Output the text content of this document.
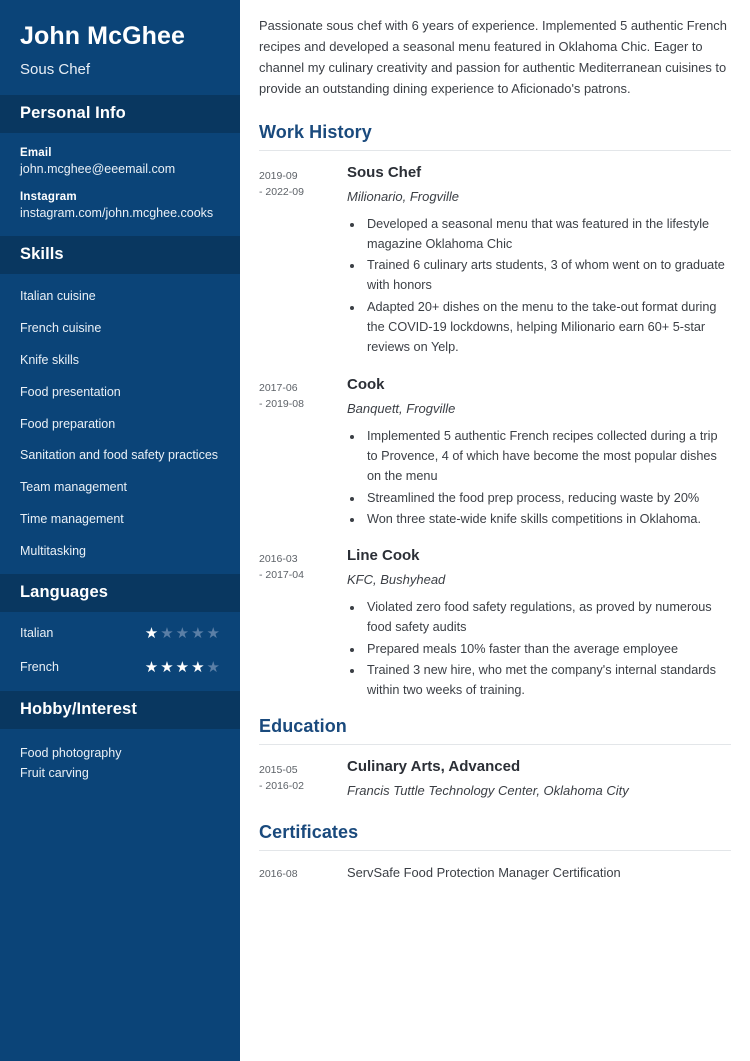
John McGhee
Sous Chef
Personal Info
Email
john.mcghee@eeemail.com
Instagram
instagram.com/john.mcghee.cooks
Skills
Italian cuisine
French cuisine
Knife skills
Food presentation
Food preparation
Sanitation and food safety practices
Team management
Time management
Multitasking
Languages
Italian	★ ★ ★ ★ ★
French	★ ★ ★ ★ ★
Hobby/Interest
Food photography
Fruit carving

Passionate sous chef with 6 years of experience. Implemented 5 authentic French recipes and developed a seasonal menu featured in Oklahoma Chic. Eager to channel my culinary creativity and passion for authentic Mediterranean cuisines to provide an outstanding dining experience to Aficionado's patrons.

Work History
2019-09
- 2022-09
Sous Chef
Milionario, Frogville
• Developed a seasonal menu that was featured in the lifestyle magazine Oklahoma Chic
• Trained 6 culinary arts students, 3 of whom went on to graduate with honors
• Adapted 20+ dishes on the menu to the take-out format during the COVID-19 lockdowns, helping Milionario earn 60+ 5-star reviews on Yelp.
2017-06
- 2019-08
Cook
Banquett, Frogville
• Implemented 5 authentic French recipes collected during a trip to Provence, 4 of which have become the most popular dishes on the menu
• Streamlined the food prep process, reducing waste by 20%
• Won three state-wide knife skills competitions in Oklahoma.
2016-03
- 2017-04
Line Cook
KFC, Bushyhead
• Violated zero food safety regulations, as proved by numerous food safety audits
• Prepared meals 10% faster than the average employee
• Trained 3 new hire, who met the company's internal standards within two weeks of training.
Education
2015-05
- 2016-02
Culinary Arts, Advanced
Francis Tuttle Technology Center, Oklahoma City
Certificates
2016-08	ServSafe Food Protection Manager Certification
